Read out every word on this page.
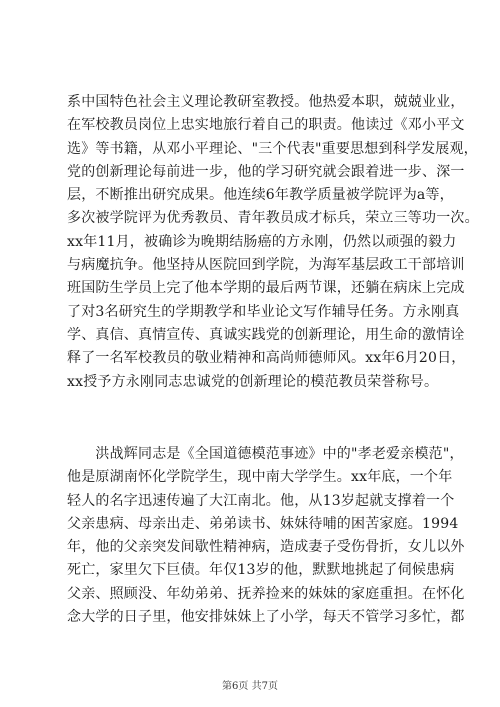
系中国特色社会主义理论教研室教授。他热爱本职，兢兢业业，
在军校教员岗位上忠实地旅行着自己的职责。他读过《邓小平文
选》等书籍，从邓小平理论、"三个代表"重要思想到科学发展观，
党的创新理论每前进一步，他的学习研究就会跟着进一步、深一
层，不断推出研究成果。他连续6年教学质量被学院评为a等，
多次被学院评为优秀教员、青年教员成才标兵，荣立三等功一次。
xx年11月，被确诊为晚期结肠癌的方永刚，仍然以顽强的毅力
与病魔抗争。他坚持从医院回到学院，为海军基层政工干部培训
班国防生学员上完了他本学期的最后两节课，还躺在病床上完成
了对3名研究生的学期教学和毕业论文写作辅导任务。方永刚真
学、真信、真情宣传、真诚实践党的创新理论，用生命的激情诠
释了一名军校教员的敬业精神和高尚师德师风。xx年6月20日，
xx授予方永刚同志忠诚党的创新理论的模范教员荣誉称号。
　　洪战辉同志是《全国道德模范事迹》中的"孝老爱亲模范"，
他是原湖南怀化学院学生，现中南大学学生。xx年底，一个年
轻人的名字迅速传遍了大江南北。他，从13岁起就支撑着一个
父亲患病、母亲出走、弟弟读书、妹妹待哺的困苦家庭。1994
年，他的父亲突发间歇性精神病，造成妻子受伤骨折，女儿以外
死亡，家里欠下巨债。年仅13岁的他，默默地挑起了伺候患病
父亲、照顾没、年幼弟弟、抚养捡来的妹妹的家庭重担。在怀化
念大学的日子里，他安排妹妹上了小学，每天不管学习多忙，都
第6页 共7页
